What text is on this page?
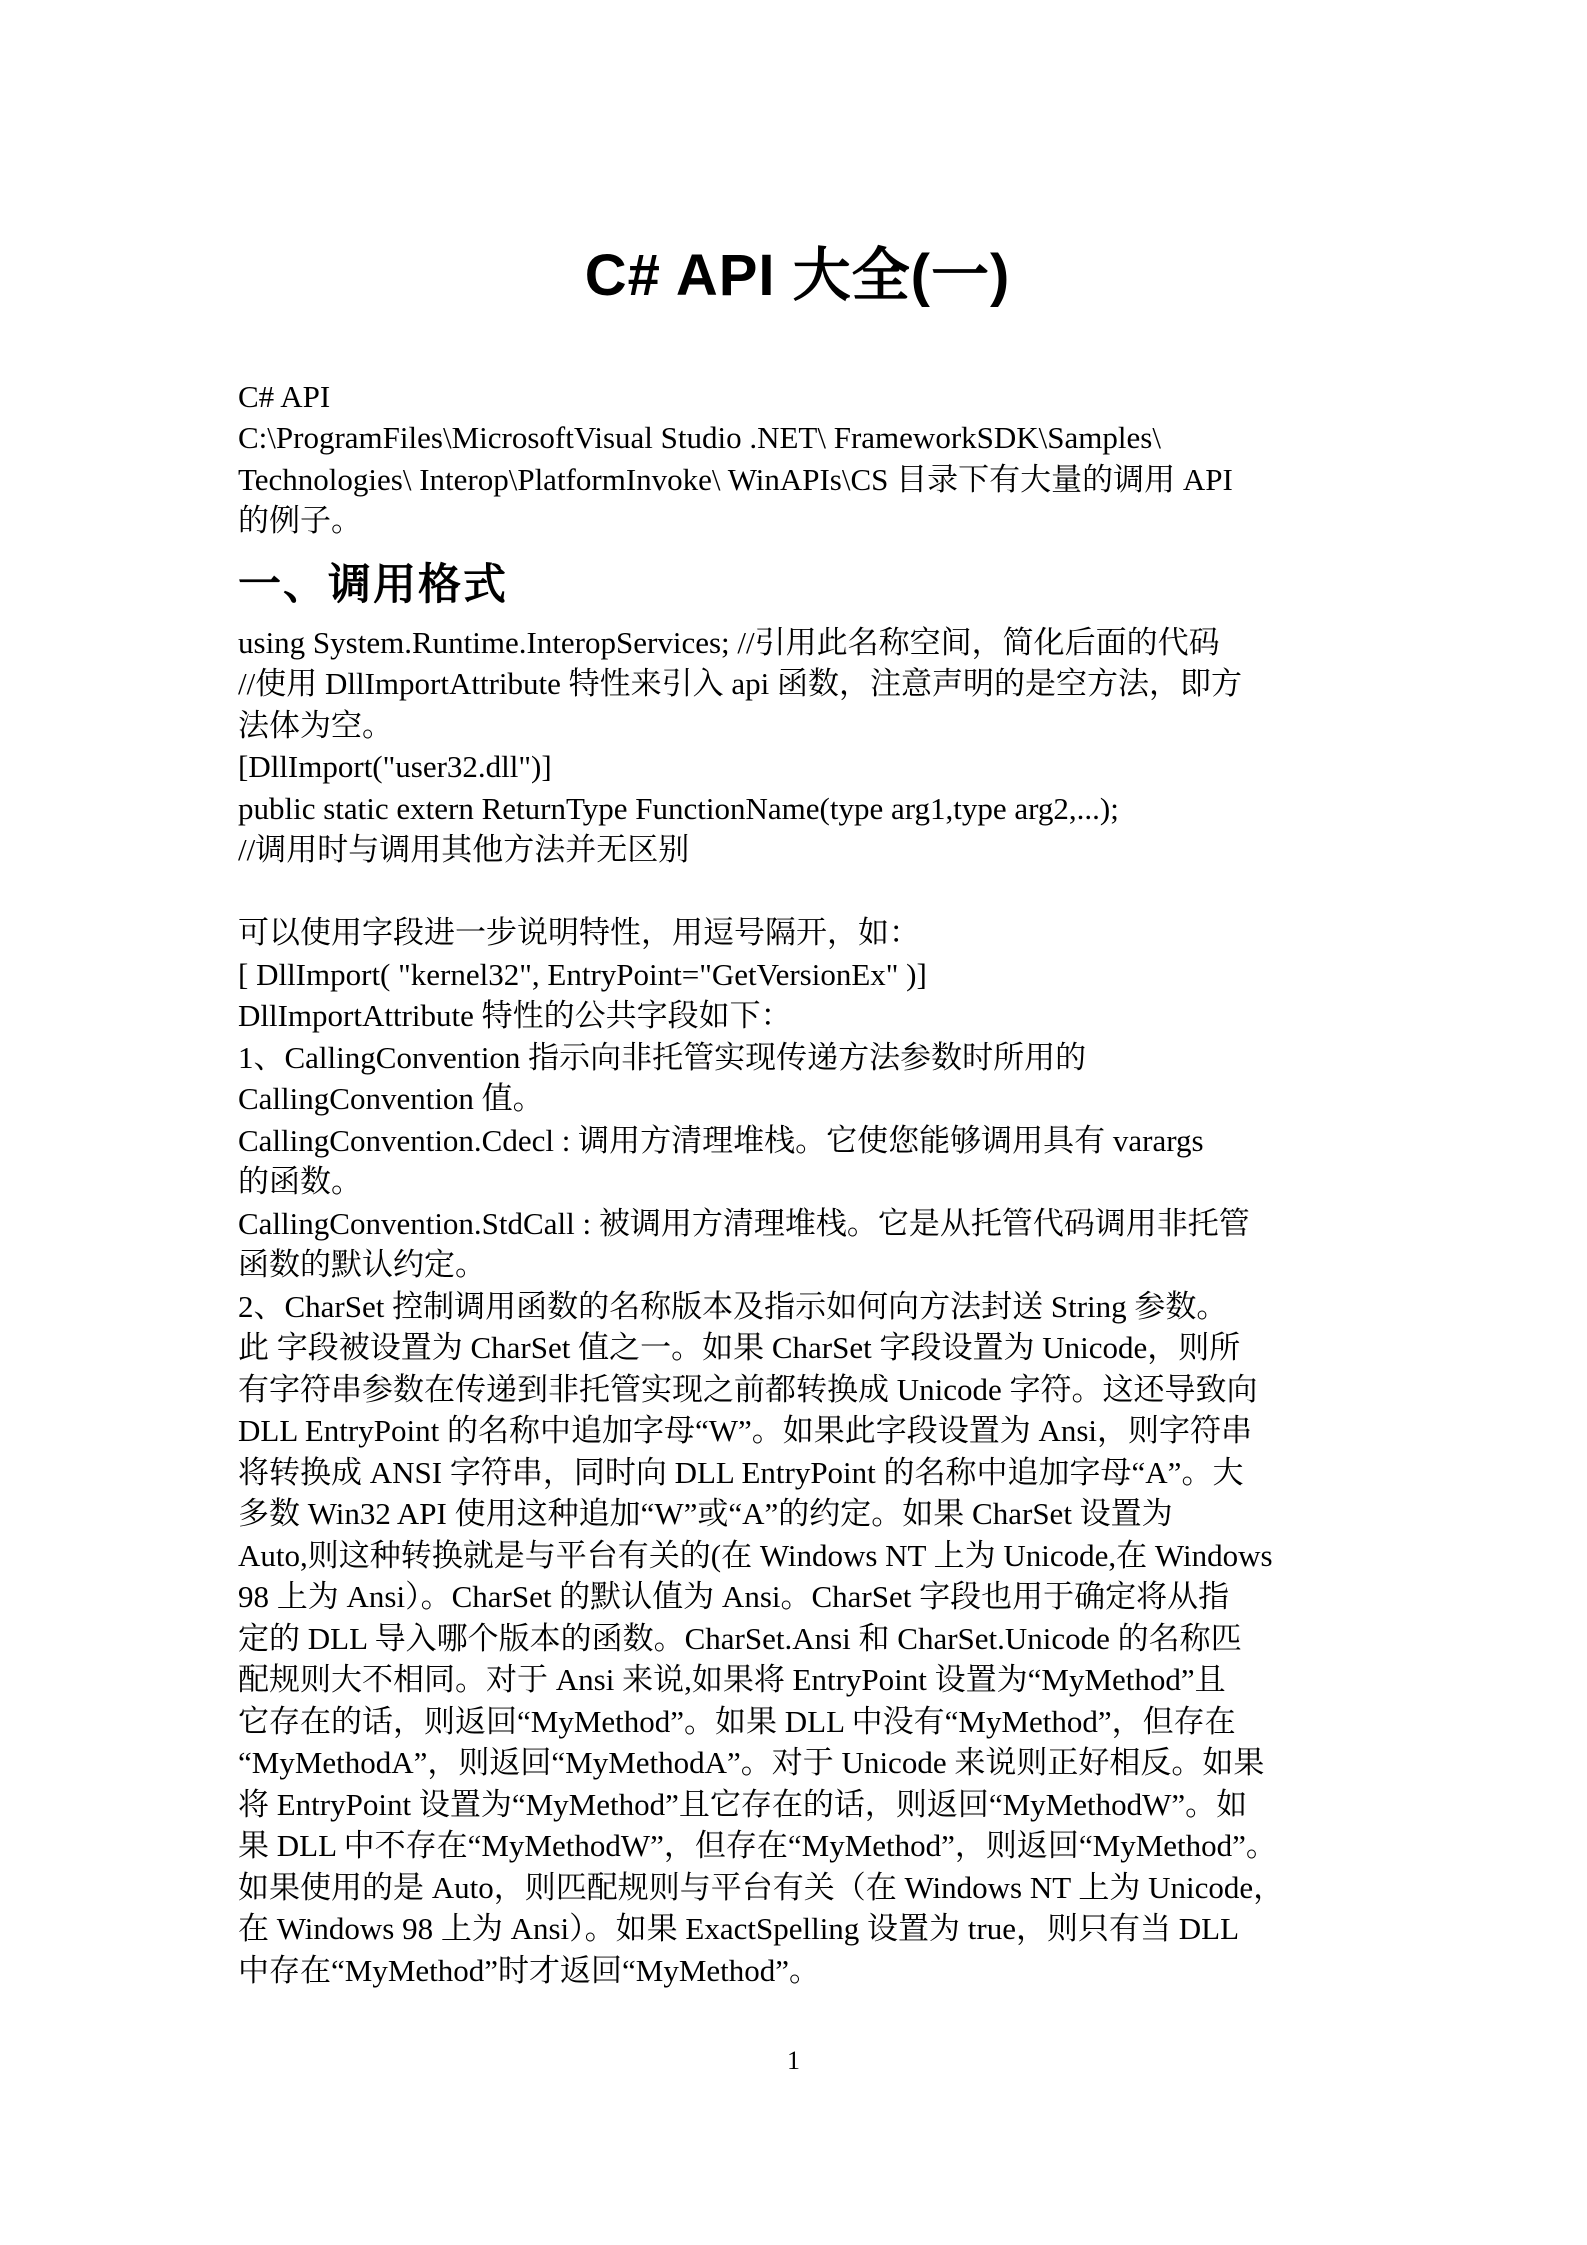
C# API 大全(一)
C# API
C:\ProgramFiles\MicrosoftVisual Studio .NET\ FrameworkSDK\Samples\
Technologies\ Interop\PlatformInvoke\ WinAPIs\CS 目录下有大量的调用 API
的例子。
一、调用格式
using System.Runtime.InteropServices; //引用此名称空间，简化后面的代码
//使用 DllImportAttribute 特性来引入 api 函数，注意声明的是空方法，即方
法体为空。
[DllImport("user32.dll")]
public static extern ReturnType FunctionName(type arg1,type arg2,...);
//调用时与调用其他方法并无区别
可以使用字段进一步说明特性，用逗号隔开，如：
[ DllImport( "kernel32", EntryPoint="GetVersionEx" )]
DllImportAttribute 特性的公共字段如下：
1、CallingConvention 指示向非托管实现传递方法参数时所用的
CallingConvention 值。
CallingConvention.Cdecl : 调用方清理堆栈。它使您能够调用具有 varargs
的函数。
CallingConvention.StdCall : 被调用方清理堆栈。它是从托管代码调用非托管
函数的默认约定。
2、CharSet 控制调用函数的名称版本及指示如何向方法封送 String 参数。
此 字段被设置为 CharSet 值之一。如果 CharSet 字段设置为 Unicode，则所
有字符串参数在传递到非托管实现之前都转换成 Unicode 字符。这还导致向
DLL EntryPoint 的名称中追加字母“W”。如果此字段设置为 Ansi，则字符串
将转换成 ANSI 字符串，同时向 DLL EntryPoint 的名称中追加字母“A”。大
多数 Win32 API 使用这种追加“W”或“A”的约定。如果 CharSet 设置为
Auto,则这种转换就是与平台有关的(在 Windows NT 上为 Unicode,在 Windows
98 上为 Ansi）。CharSet 的默认值为 Ansi。CharSet 字段也用于确定将从指
定的 DLL 导入哪个版本的函数。CharSet.Ansi 和 CharSet.Unicode 的名称匹
配规则大不相同。对于 Ansi 来说,如果将 EntryPoint 设置为“MyMethod”且
它存在的话，则返回“MyMethod”。如果 DLL 中没有“MyMethod”，但存在
“MyMethodA”，则返回“MyMethodA”。对于 Unicode 来说则正好相反。如果
将 EntryPoint 设置为“MyMethod”且它存在的话，则返回“MyMethodW”。如
果 DLL 中不存在“MyMethodW”，但存在“MyMethod”，则返回“MyMethod”。
如果使用的是 Auto，则匹配规则与平台有关（在 Windows NT 上为 Unicode，
在 Windows 98 上为 Ansi）。如果 ExactSpelling 设置为 true，则只有当 DLL
中存在“MyMethod”时才返回“MyMethod”。
1
